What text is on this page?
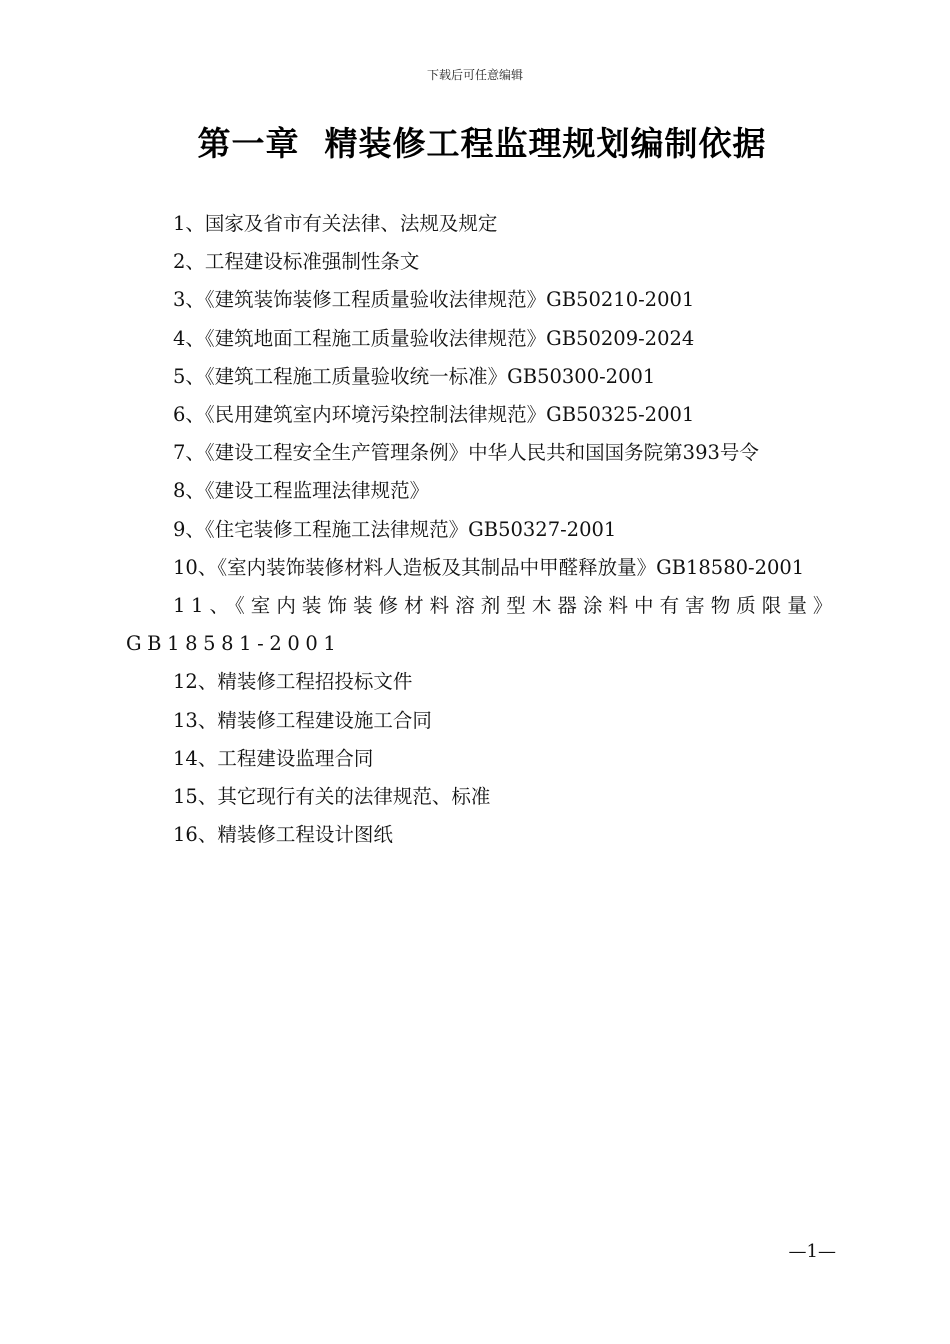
下载后可任意编辑
第一章  精装修工程监理规划编制依据
1、国家及省市有关法律、法规及规定
2、工程建设标准强制性条文
3、《建筑装饰装修工程质量验收法律规范》GB50210-2001
4、《建筑地面工程施工质量验收法律规范》GB50209-2024
5、《建筑工程施工质量验收统一标准》GB50300-2001
6、《民用建筑室内环境污染控制法律规范》GB50325-2001
7、《建设工程安全生产管理条例》中华人民共和国国务院第393号令
8、《建设工程监理法律规范》
9、《住宅装修工程施工法律规范》GB50327-2001
10、《室内装饰装修材料人造板及其制品中甲醛释放量》GB18580-2001
11、《室内装饰装修材料溶剂型木器涂料中有害物质限量》GB18581-2001
12、精装修工程招投标文件
13、精装修工程建设施工合同
14、工程建设监理合同
15、其它现行有关的法律规范、标准
16、精装修工程设计图纸
—1—
